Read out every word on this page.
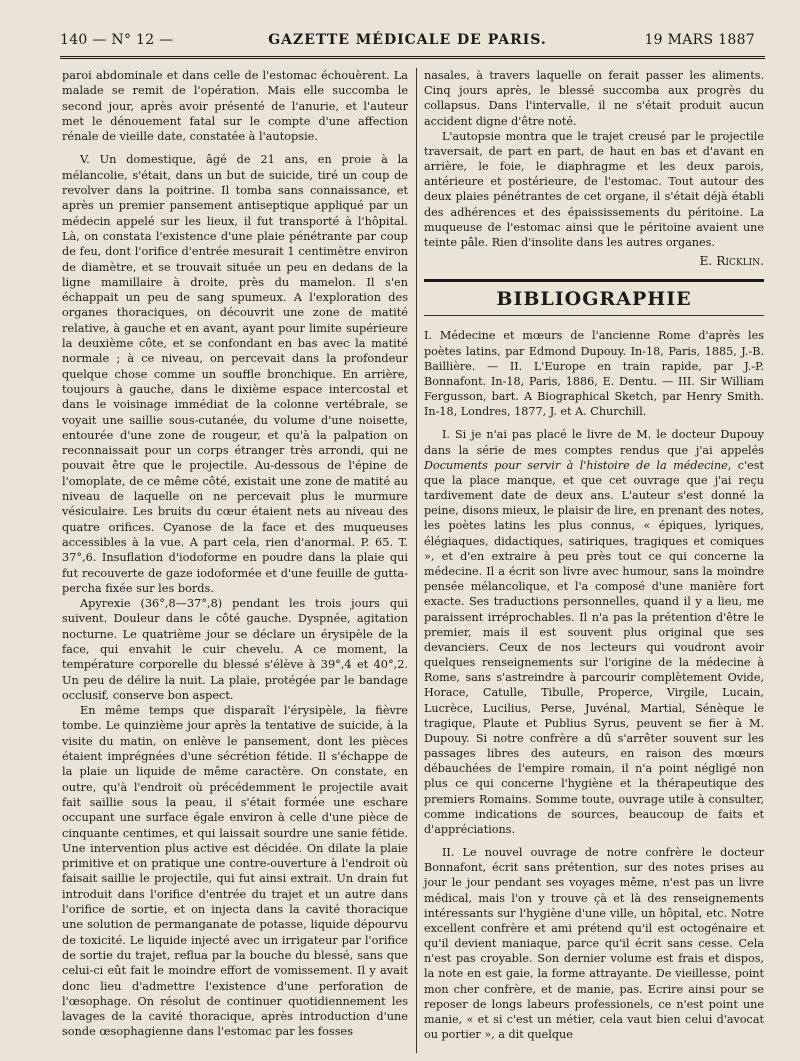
140 — N° 12 —	GAZETTE MÉDICALE DE PARIS.	19 MARS 1887

paroi abdominale et dans celle de l'estomac échouèrent. La malade se remit de l'opération. Mais elle succomba le second jour, après avoir présenté de l'anurie, et l'auteur met le dénouement fatal sur le compte d'une affection rénale de vieille date, constatée à l'autopsie.

V. Un domestique, âgé de 21 ans, en proie à la mélancolie, s'était, dans un but de suicide, tiré un coup de revolver dans la poitrine. Il tomba sans connaissance, et après un premier pansement antiseptique appliqué par un médecin appelé sur les lieux, il fut transporté à l'hôpital. Là, on constata l'existence d'une plaie pénétrante par coup de feu, dont l'orifice d'entrée mesurait 1 centimètre environ de diamètre, et se trouvait située un peu en dedans de la ligne mamillaire à droite, près du mamelon. Il s'en échappait un peu de sang spumeux. A l'exploration des organes thoraciques, on découvrit une zone de matité relative, à gauche et en avant, ayant pour limite supérieure la deuxième côte, et se confondant en bas avec la matité normale ; à ce niveau, on percevait dans la profondeur quelque chose comme un souffle bronchique. En arrière, toujours à gauche, dans le dixième espace intercostal et dans le voisinage immédiat de la colonne vertébrale, se voyait une saillie sous-cutanée, du volume d'une noisette, entourée d'une zone de rougeur, et qu'à la palpation on reconnaissait pour un corps étranger très arrondi, qui ne pouvait être que le projectile. Au-dessous de l'épine de l'omoplate, de ce même côté, existait une zone de matité au niveau de laquelle on ne percevait plus le murmure vésiculaire. Les bruits du cœur étaient nets au niveau des quatre orifices. Cyanose de la face et des muqueuses accessibles à la vue. A part cela, rien d'anormal. P. 65. T. 37°,6. Insuflation d'iodoforme en poudre dans la plaie qui fut recouverte de gaze iodoformée et d'une feuille de gutta-percha fixée sur les bords.

Apyrexie (36°,8—37°,8) pendant les trois jours qui suivent. Douleur dans le côté gauche. Dyspnée, agitation nocturne. Le quatrième jour se déclare un érysipèle de la face, qui envahit le cuir chevelu. A ce moment, la température corporelle du blessé s'élève à 39°,4 et 40°,2. Un peu de délire la nuit. La plaie, protégée par le bandage occlusif, conserve bon aspect.

En même temps que disparaît l'érysipèle, la fièvre tombe. Le quinzième jour après la tentative de suicide, à la visite du matin, on enlève le pansement, dont les pièces étaient imprégnées d'une sécrétion fétide. Il s'échappe de la plaie un liquide de même caractère. On constate, en outre, qu'à l'endroit où précédemment le projectile avait fait saillie sous la peau, il s'était formée une eschare occupant une surface égale environ à celle d'une pièce de cinquante centimes, et qui laissait sourdre une sanie fétide. Une intervention plus active est décidée. On dilate la plaie primitive et on pratique une contre-ouverture à l'endroit où faisait saillie le projectile, qui fut ainsi extrait. Un drain fut introduit dans l'orifice d'entrée du trajet et un autre dans l'orifice de sortie, et on injecta dans la cavité thoracique une solution de permanganate de potasse, liquide dépourvu de toxicité. Le liquide injecté avec un irrigateur par l'orifice de sortie du trajet, reflua par la bouche du blessé, sans que celui-ci eût fait le moindre effort de vomissement. Il y avait donc lieu d'admettre l'existence d'une perforation de l'œsophage. On résolut de continuer quotidiennement les lavages de la cavité thoracique, après introduction d'une sonde œsophagienne dans l'estomac par les fosses

nasales, à travers laquelle on ferait passer les aliments. Cinq jours après, le blessé succomba aux progrès du collapsus. Dans l'intervalle, il ne s'était produit aucun accident digne d'être noté.

L'autopsie montra que le trajet creusé par le projectile traversait, de part en part, de haut en bas et d'avant en arrière, le foie, le diaphragme et les deux parois, antérieure et postérieure, de l'estomac. Tout autour des deux plaies pénétrantes de cet organe, il s'était déjà établi des adhérences et des épaississements du péritoine. La muqueuse de l'estomac ainsi que le péritoine avaient une teinte pâle. Rien d'insolite dans les autres organes.

E. Ricklin.
BIBLIOGRAPHIE

I. Médecine et mœurs de l'ancienne Rome d'après les poètes latins, par Edmond Dupouy. In-18, Paris, 1885, J.-B. Baillière. — II. L'Europe en train rapide, par J.-P. Bonnafont. In-18, Paris, 1886, E. Dentu. — III. Sir William Fergusson, bart. A Biographical Sketch, par Henry Smith. In-18, Londres, 1877, J. et A. Churchill.

I. Si je n'ai pas placé le livre de M. le docteur Dupouy dans la série de mes comptes rendus que j'ai appelés Documents pour servir à l'histoire de la médecine, c'est que la place manque, et que cet ouvrage que j'ai reçu tardivement date de deux ans. L'auteur s'est donné la peine, disons mieux, le plaisir de lire, en prenant des notes, les poètes latins les plus connus, « épiques, lyriques, élégiaques, didactiques, satiriques, tragiques et comiques », et d'en extraire à peu près tout ce qui concerne la médecine. Il a écrit son livre avec humour, sans la moindre pensée mélancolique, et l'a composé d'une manière fort exacte. Ses traductions personnelles, quand il y a lieu, me paraissent irréprochables. Il n'a pas la prétention d'être le premier, mais il est souvent plus original que ses devanciers. Ceux de nos lecteurs qui voudront avoir quelques renseignements sur l'origine de la médecine à Rome, sans s'astreindre à parcourir complètement Ovide, Horace, Catulle, Tibulle, Properce, Virgile, Lucain, Lucrèce, Lucilius, Perse, Juvénal, Martial, Sénèque le tragique, Plaute et Publius Syrus, peuvent se fier à M. Dupouy. Si notre confrère a dû s'arrêter souvent sur les passages libres des auteurs, en raison des mœurs débauchées de l'empire romain, il n'a point négligé non plus ce qui concerne l'hygiène et la thérapeutique des premiers Romains. Somme toute, ouvrage utile à consulter, comme indications de sources, beaucoup de faits et d'appréciations.

II. Le nouvel ouvrage de notre confrère le docteur Bonnafont, écrit sans prétention, sur des notes prises au jour le jour pendant ses voyages même, n'est pas un livre médical, mais l'on y trouve çà et là des renseignements intéressants sur l'hygiène d'une ville, un hôpital, etc. Notre excellent confrère et ami prétend qu'il est octogénaire et qu'il devient maniaque, parce qu'il écrit sans cesse. Cela n'est pas croyable. Son dernier volume est frais et dispos, la note en est gaie, la forme attrayante. De vieillesse, point mon cher confrère, et de manie, pas. Ecrire ainsi pour se reposer de longs labeurs professionels, ce n'est point une manie, « et si c'est un métier, cela vaut bien celui d'avocat ou portier », a dit quelque
